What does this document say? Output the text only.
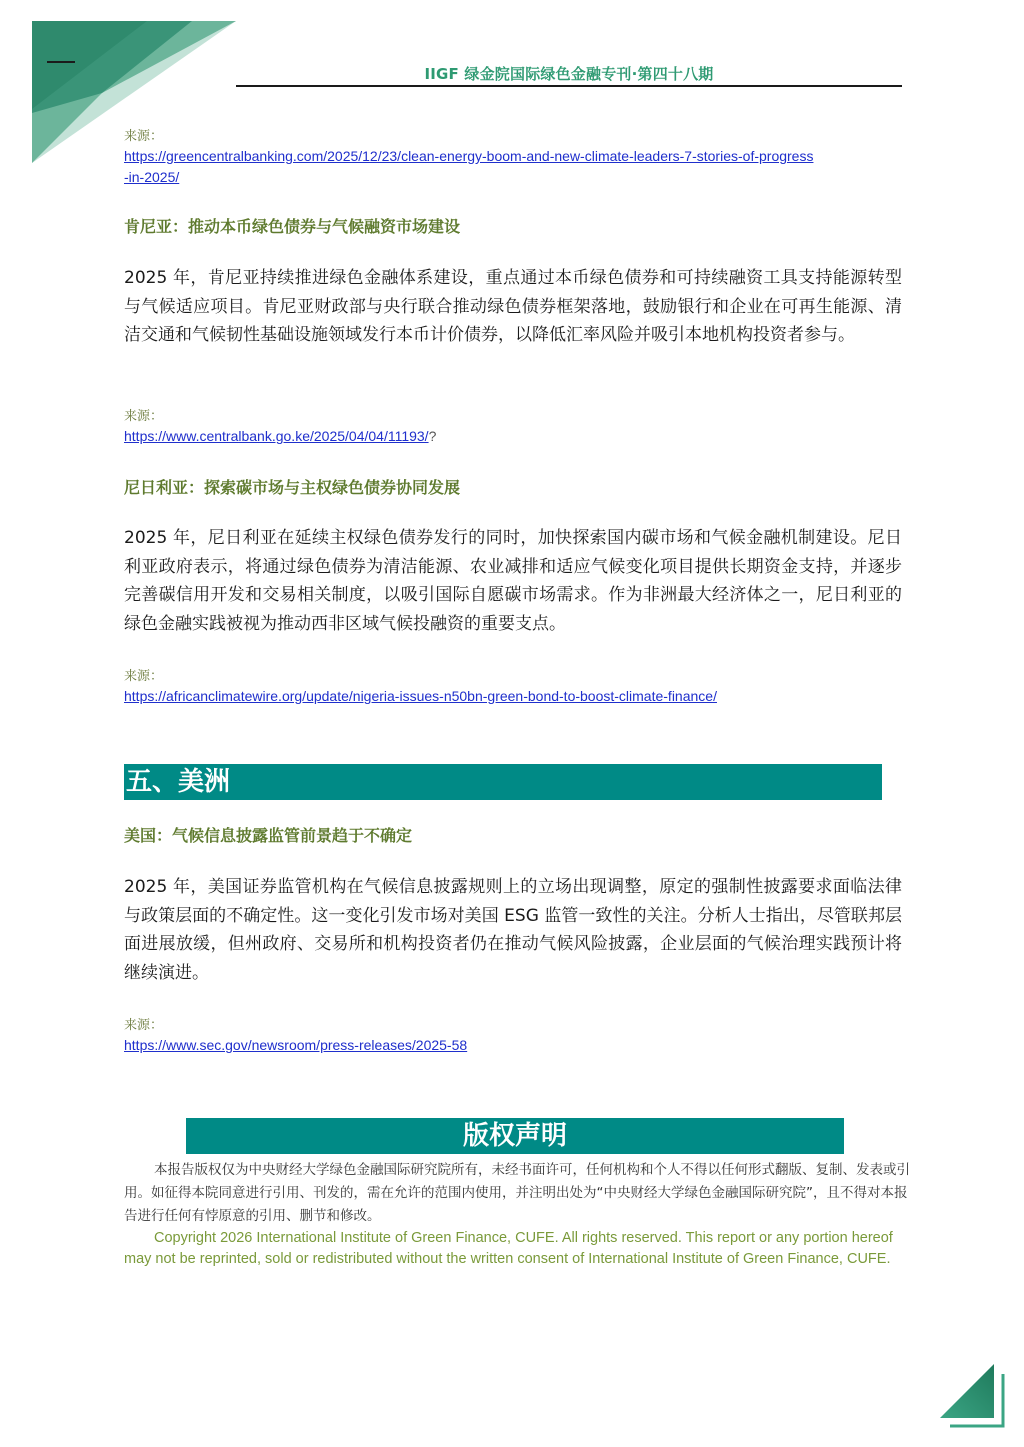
IIGF 绿金院国际绿色金融专刊·第四十八期
来源：
https://greencentralbanking.com/2025/12/23/clean-energy-boom-and-new-climate-leaders-7-stories-of-progress
-in-2025/
肯尼亚：推动本币绿色债券与气候融资市场建设
2025 年，肯尼亚持续推进绿色金融体系建设，重点通过本币绿色债券和可持续融资工具支持能源转型与气候适应项目。肯尼亚财政部与央行联合推动绿色债券框架落地，鼓励银行和企业在可再生能源、清洁交通和气候韧性基础设施领域发行本币计价债券，以降低汇率风险并吸引本地机构投资者参与。
来源：
https://www.centralbank.go.ke/2025/04/04/11193/?
尼日利亚：探索碳市场与主权绿色债券协同发展
2025 年，尼日利亚在延续主权绿色债券发行的同时，加快探索国内碳市场和气候金融机制建设。尼日利亚政府表示，将通过绿色债券为清洁能源、农业减排和适应气候变化项目提供长期资金支持，并逐步完善碳信用开发和交易相关制度，以吸引国际自愿碳市场需求。作为非洲最大经济体之一，尼日利亚的绿色金融实践被视为推动西非区域气候投融资的重要支点。
来源：
https://africanclimatewire.org/update/nigeria-issues-n50bn-green-bond-to-boost-climate-finance/
五、美洲
美国：气候信息披露监管前景趋于不确定
2025 年，美国证券监管机构在气候信息披露规则上的立场出现调整，原定的强制性披露要求面临法律与政策层面的不确定性。这一变化引发市场对美国 ESG 监管一致性的关注。分析人士指出，尽管联邦层面进展放缓，但州政府、交易所和机构投资者仍在推动气候风险披露，企业层面的气候治理实践预计将继续演进。
来源：
https://www.sec.gov/newsroom/press-releases/2025-58
版权声明
本报告版权仅为中央财经大学绿色金融国际研究院所有，未经书面许可，任何机构和个人不得以任何形式翻版、复制、发表或引用。如征得本院同意进行引用、刊发的，需在允许的范围内使用，并注明出处为“中央财经大学绿色金融国际研究院”，且不得对本报告进行任何有悖原意的引用、删节和修改。
Copyright 2026 International Institute of Green Finance, CUFE. All rights reserved. This report or any portion hereof may not be reprinted, sold or redistributed without the written consent of International Institute of Green Finance, CUFE.
